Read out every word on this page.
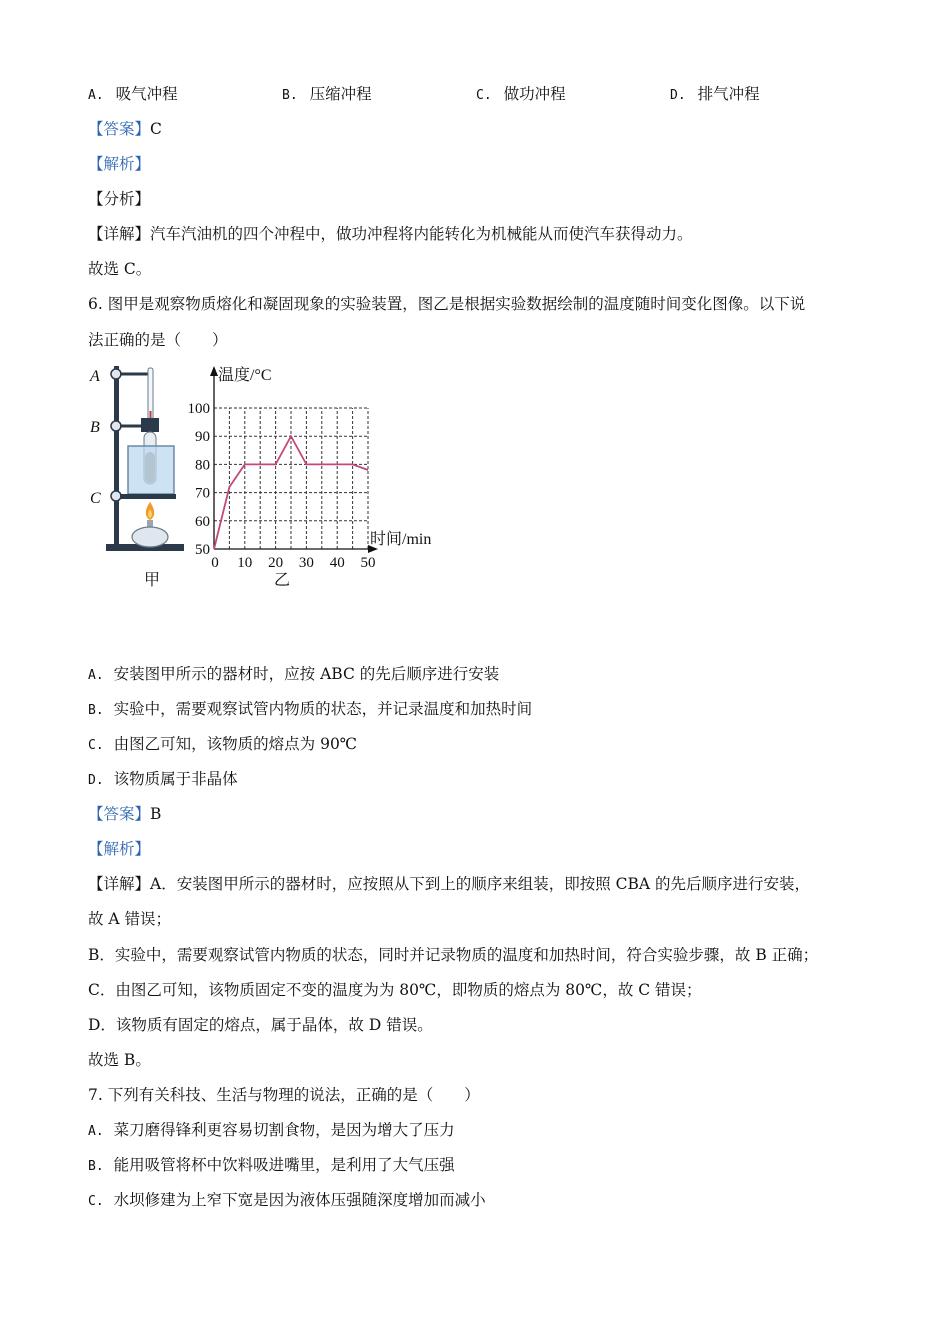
A. 吸气冲程	B. 压缩冲程	C. 做功冲程	D. 排气冲程
【答案】C
【解析】
【分析】
【详解】汽车汽油机的四个冲程中，做功冲程将内能转化为机械能从而使汽车获得动力。
故选 C。
6. 图甲是观察物质熔化和凝固现象的实验装置，图乙是根据实验数据绘制的温度随时间变化图像。以下说
法正确的是（　　）
A
B
C
甲
50
60
70
80
90
100
0 10 20 30 40 50
温度/°C
时间/min
乙
A. 安装图甲所示的器材时，应按 ABC 的先后顺序进行安装
B. 实验中，需要观察试管内物质的状态，并记录温度和加热时间
C. 由图乙可知，该物质的熔点为 90℃
D. 该物质属于非晶体
【答案】B
【解析】
【详解】A．安装图甲所示的器材时，应按照从下到上的顺序来组装，即按照 CBA 的先后顺序进行安装，
故 A 错误；
B．实验中，需要观察试管内物质的状态，同时并记录物质的温度和加热时间，符合实验步骤，故 B 正确；
C．由图乙可知，该物质固定不变的温度为为 80℃，即物质的熔点为 80℃，故 C 错误；
D．该物质有固定的熔点，属于晶体，故 D 错误。
故选 B。
7. 下列有关科技、生活与物理的说法，正确的是（　　）
A. 菜刀磨得锋利更容易切割食物，是因为增大了压力
B. 能用吸管将杯中饮料吸进嘴里，是利用了大气压强
C. 水坝修建为上窄下宽是因为液体压强随深度增加而减小
